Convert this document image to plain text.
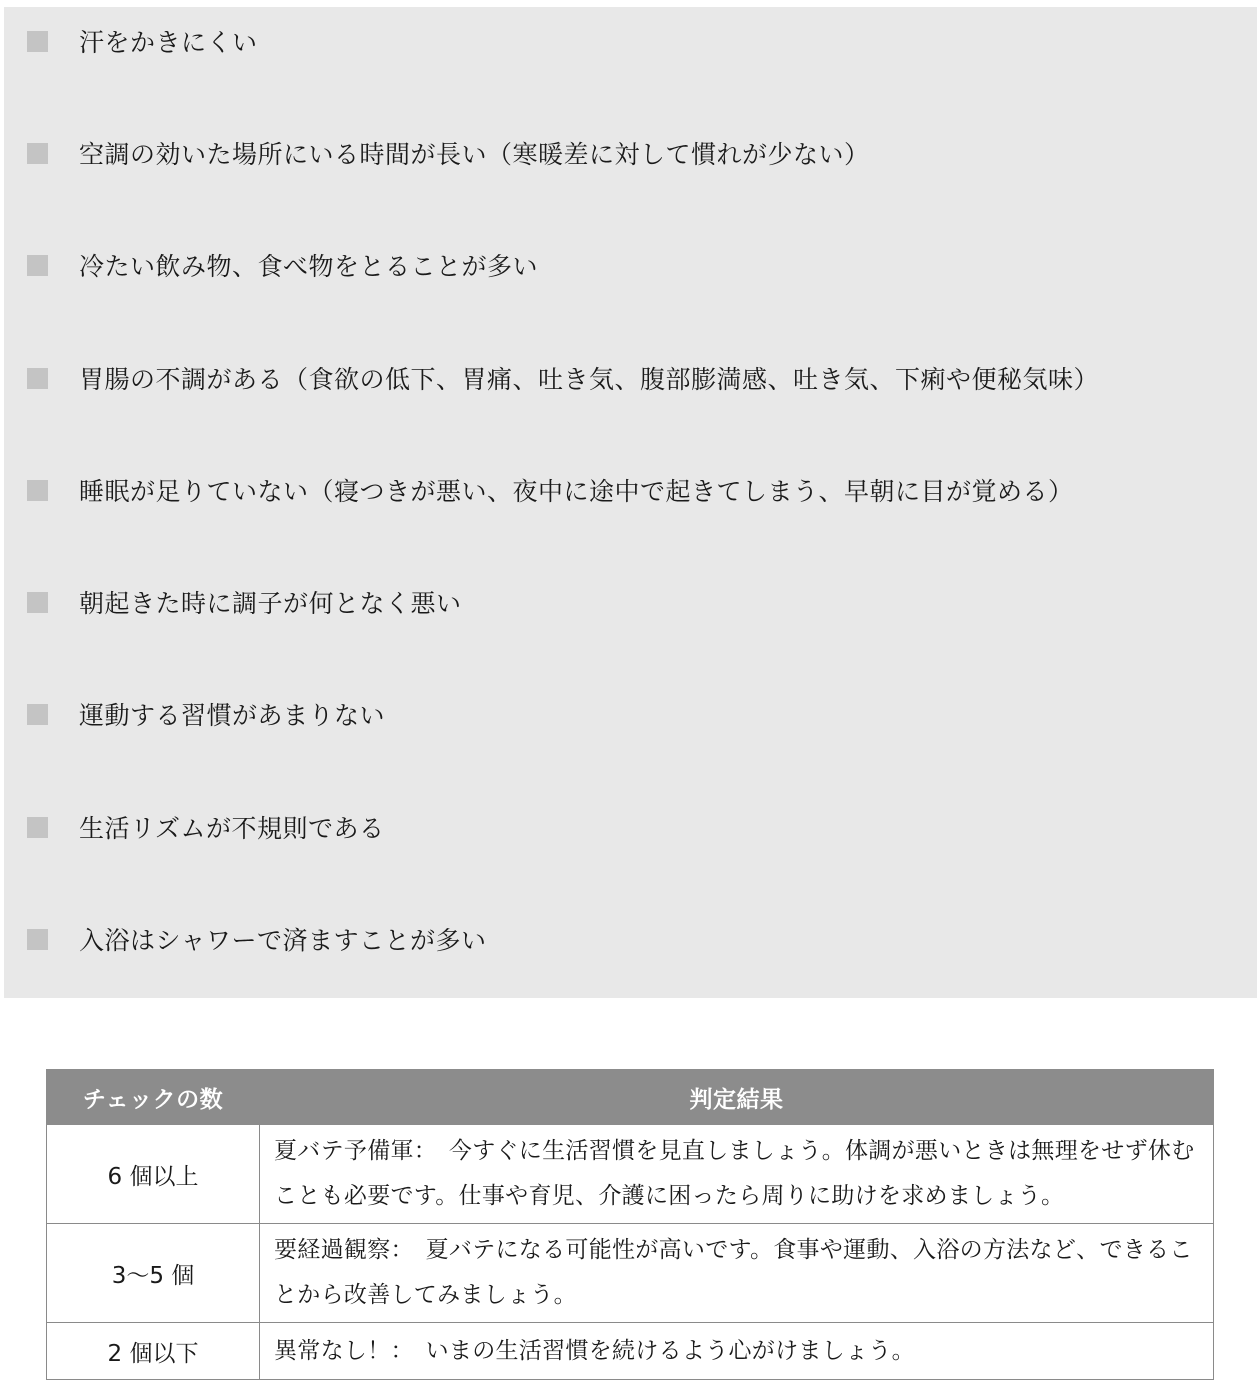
汗をかきにくい
空調の効いた場所にいる時間が長い（寒暖差に対して慣れが少ない）
冷たい飲み物、食べ物をとることが多い
胃腸の不調がある（食欲の低下、胃痛、吐き気、腹部膨満感、吐き気、下痢や便秘気味）
睡眠が足りていない（寝つきが悪い、夜中に途中で起きてしまう、早朝に目が覚める）
朝起きた時に調子が何となく悪い
運動する習慣があまりない
生活リズムが不規則である
入浴はシャワーで済ますことが多い
チェックの数	判定結果
6 個以上	夏バテ予備軍：　今すぐに生活習慣を見直しましょう。体調が悪いときは無理をせず休むことも必要です。仕事や育児、介護に困ったら周りに助けを求めましょう。
3～5 個	要経過観察：　夏バテになる可能性が高いです。食事や運動、入浴の方法など、できることから改善してみましょう。
2 個以下	異常なし！：　いまの生活習慣を続けるよう心がけましょう。
